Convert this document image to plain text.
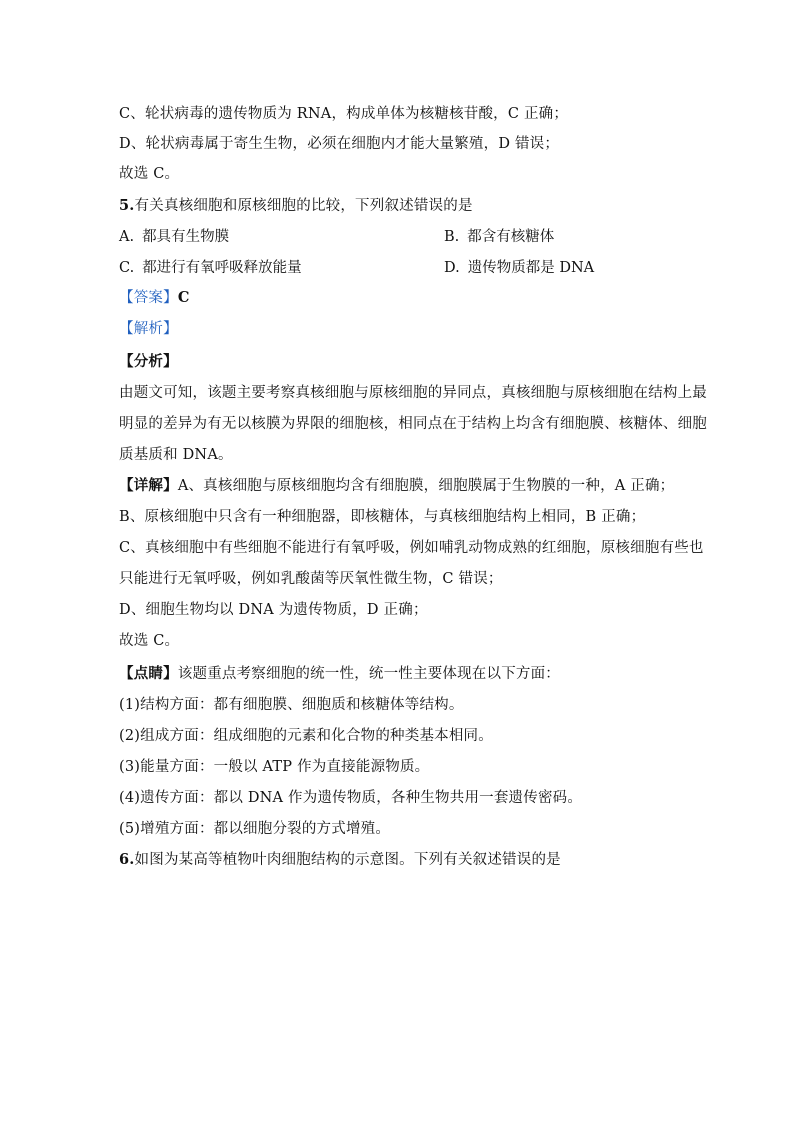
C、轮状病毒的遗传物质为 RNA，构成单体为核糖核苷酸，C 正确；
D、轮状病毒属于寄生生物，必须在细胞内才能大量繁殖，D 错误；
故选 C。
5.有关真核细胞和原核细胞的比较，下列叙述错误的是
A. 都具有生物膜	B. 都含有核糖体
C. 都进行有氧呼吸释放能量	D. 遗传物质都是 DNA
【答案】C
【解析】
【分析】
由题文可知，该题主要考察真核细胞与原核细胞的异同点，真核细胞与原核细胞在结构上最
明显的差异为有无以核膜为界限的细胞核，相同点在于结构上均含有细胞膜、核糖体、细胞
质基质和 DNA。
【详解】A、真核细胞与原核细胞均含有细胞膜，细胞膜属于生物膜的一种，A 正确；
B、原核细胞中只含有一种细胞器，即核糖体，与真核细胞结构上相同，B 正确；
C、真核细胞中有些细胞不能进行有氧呼吸，例如哺乳动物成熟的红细胞，原核细胞有些也
只能进行无氧呼吸，例如乳酸菌等厌氧性微生物，C 错误；
D、细胞生物均以 DNA 为遗传物质，D 正确；
故选 C。
【点睛】该题重点考察细胞的统一性，统一性主要体现在以下方面：
(1)结构方面：都有细胞膜、细胞质和核糖体等结构。
(2)组成方面：组成细胞的元素和化合物的种类基本相同。
(3)能量方面：一般以 ATP 作为直接能源物质。
(4)遗传方面：都以 DNA 作为遗传物质，各种生物共用一套遗传密码。
(5)增殖方面：都以细胞分裂的方式增殖。
6.如图为某高等植物叶肉细胞结构的示意图。下列有关叙述错误的是
